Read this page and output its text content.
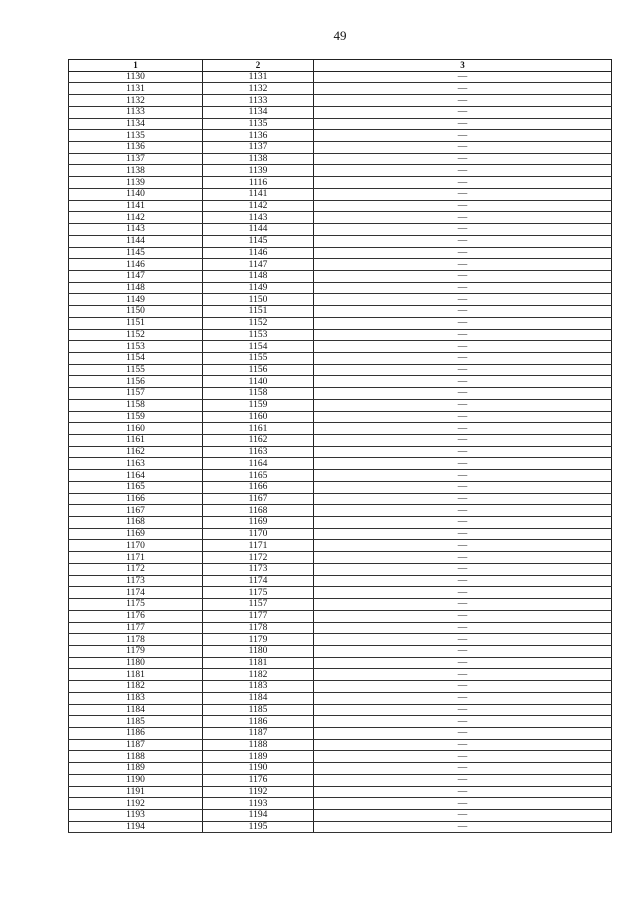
49
1	2	3
1130	1131	—
1131	1132	—
1132	1133	—
1133	1134	—
1134	1135	—
1135	1136	—
1136	1137	—
1137	1138	—
1138	1139	—
1139	1116	—
1140	1141	—
1141	1142	—
1142	1143	—
1143	1144	—
1144	1145	—
1145	1146	—
1146	1147	—
1147	1148	—
1148	1149	—
1149	1150	—
1150	1151	—
1151	1152	—
1152	1153	—
1153	1154	—
1154	1155	—
1155	1156	—
1156	1140	—
1157	1158	—
1158	1159	—
1159	1160	—
1160	1161	—
1161	1162	—
1162	1163	—
1163	1164	—
1164	1165	—
1165	1166	—
1166	1167	—
1167	1168	—
1168	1169	—
1169	1170	—
1170	1171	—
1171	1172	—
1172	1173	—
1173	1174	—
1174	1175	—
1175	1157	—
1176	1177	—
1177	1178	—
1178	1179	—
1179	1180	—
1180	1181	—
1181	1182	—
1182	1183	—
1183	1184	—
1184	1185	—
1185	1186	—
1186	1187	—
1187	1188	—
1188	1189	—
1189	1190	—
1190	1176	—
1191	1192	—
1192	1193	—
1193	1194	—
1194	1195	—
